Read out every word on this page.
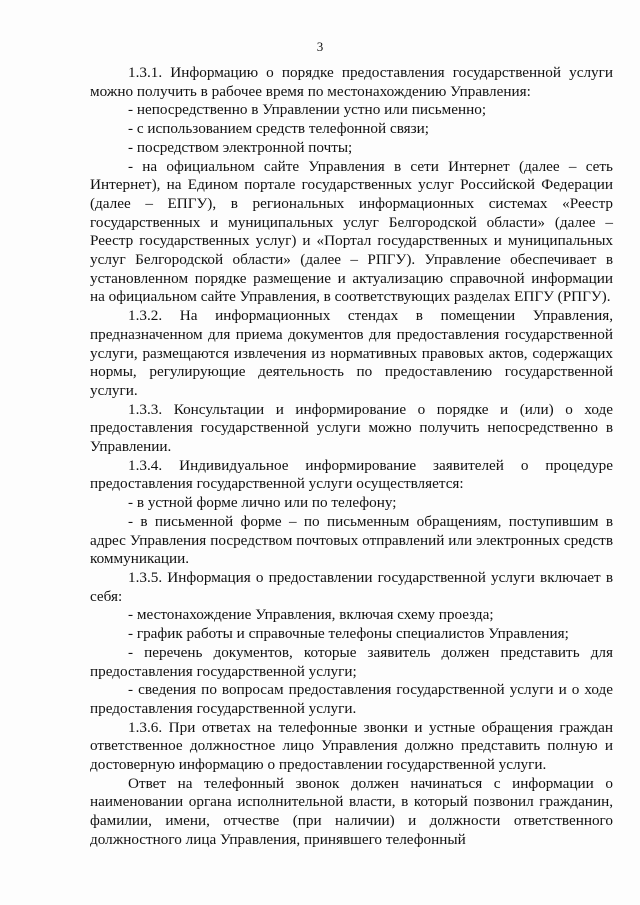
3

1.3.1. Информацию о порядке предоставления государственной услуги можно получить в рабочее время по местонахождению Управления:

- непосредственно в Управлении устно или письменно;

- с использованием средств телефонной связи;

- посредством электронной почты;

- на официальном сайте Управления в сети Интернет (далее – сеть Интернет), на Едином портале государственных услуг Российской Федерации (далее – ЕПГУ), в региональных информационных системах «Реестр государственных и муниципальных услуг Белгородской области» (далее – Реестр государственных услуг) и «Портал государственных и муниципальных услуг Белгородской области» (далее – РПГУ). Управление обеспечивает в установленном порядке размещение и актуализацию справочной информации на официальном сайте Управления, в соответствующих разделах ЕПГУ (РПГУ).

1.3.2. На информационных стендах в помещении Управления, предназначенном для приема документов для предоставления государственной услуги, размещаются извлечения из нормативных правовых актов, содержащих нормы, регулирующие деятельность по предоставлению государственной услуги.

1.3.3. Консультации и информирование о порядке и (или) о ходе предоставления государственной услуги можно получить непосредственно в Управлении.

1.3.4. Индивидуальное информирование заявителей о процедуре предоставления государственной услуги осуществляется:

- в устной форме лично или по телефону;

- в письменной форме – по письменным обращениям, поступившим в адрес Управления посредством почтовых отправлений или электронных средств коммуникации.

1.3.5. Информация о предоставлении государственной услуги включает в себя:

- местонахождение Управления, включая схему проезда;

- график работы и справочные телефоны специалистов Управления;

- перечень документов, которые заявитель должен представить для предоставления государственной услуги;

- сведения по вопросам предоставления государственной услуги и о ходе предоставления государственной услуги.

1.3.6. При ответах на телефонные звонки и устные обращения граждан ответственное должностное лицо Управления должно представить полную и достоверную информацию о предоставлении государственной услуги.

Ответ на телефонный звонок должен начинаться с информации о наименовании органа исполнительной власти, в который позвонил гражданин, фамилии, имени, отчестве (при наличии) и должности ответственного должностного лица Управления, принявшего телефонный
